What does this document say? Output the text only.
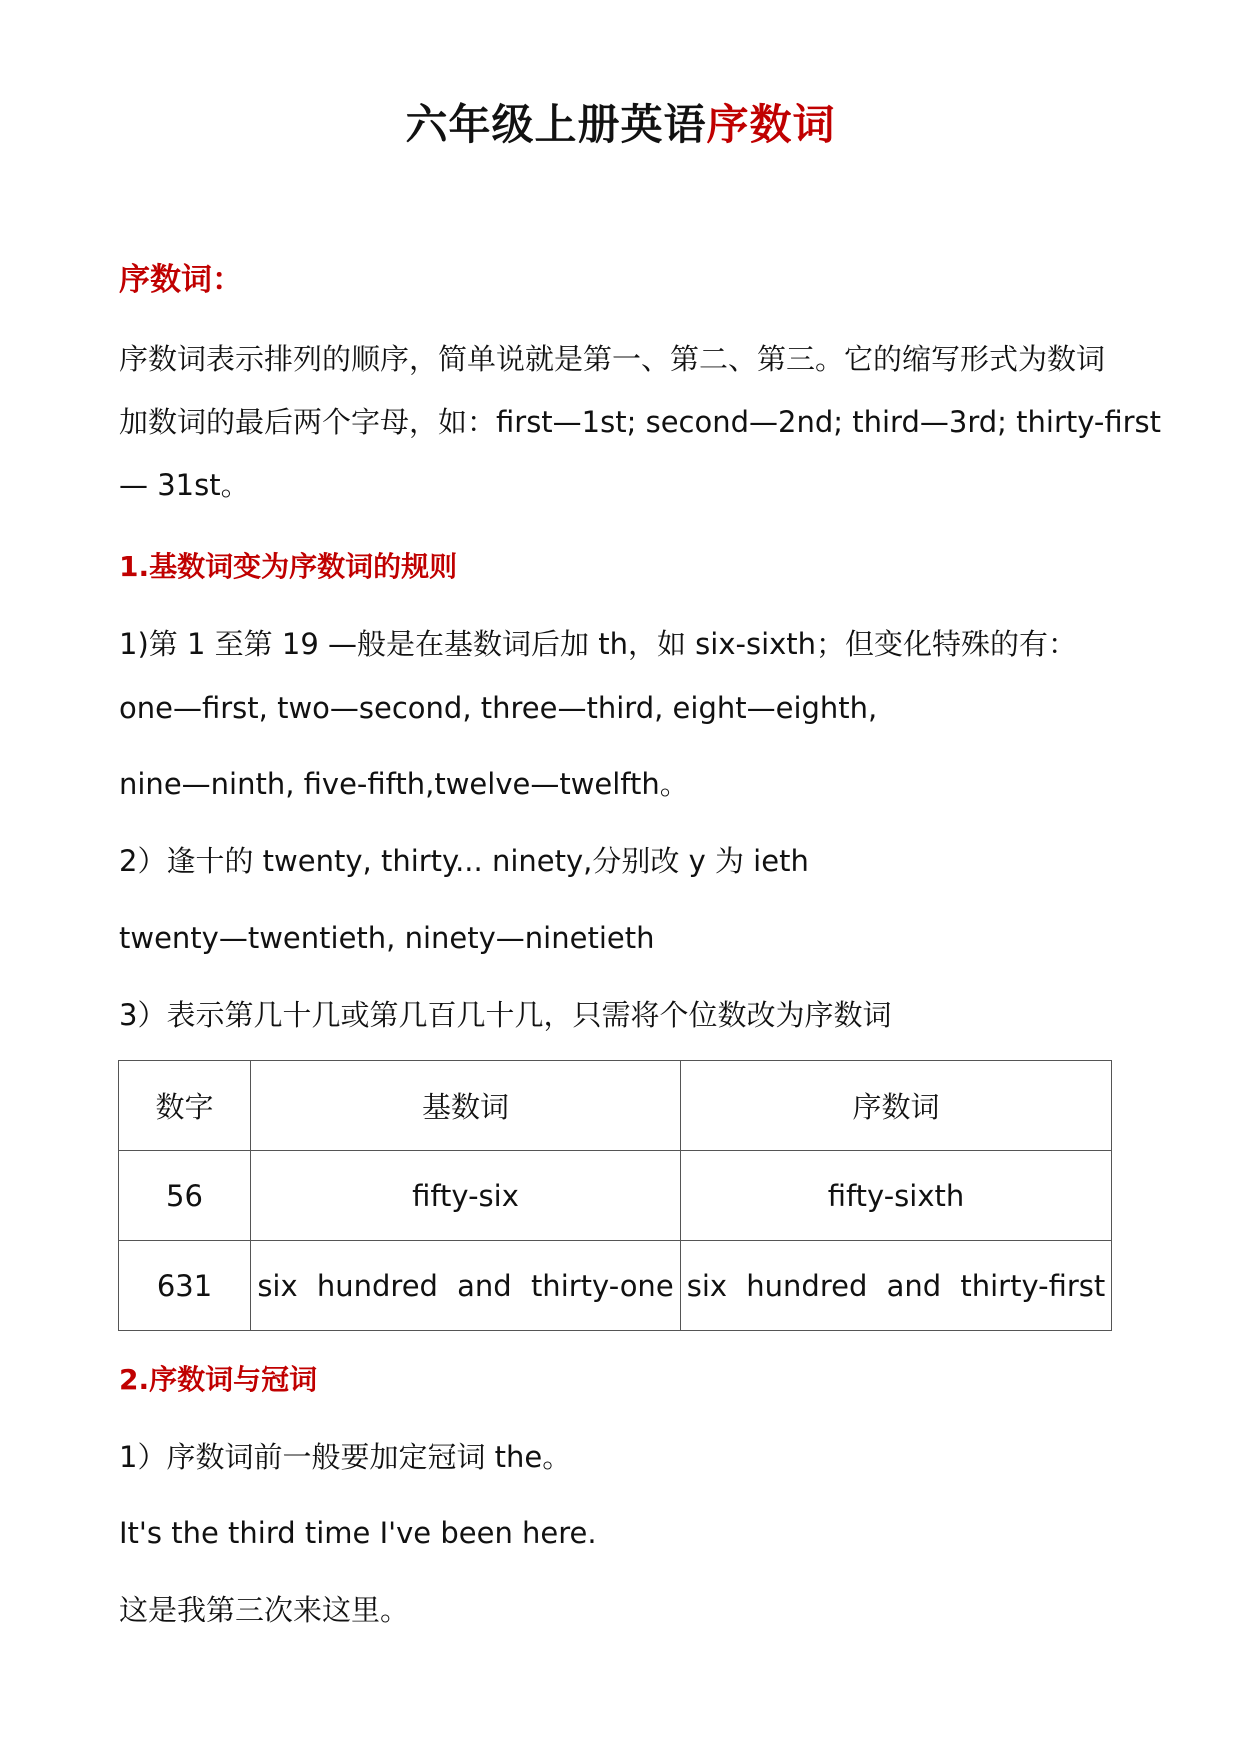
六年级上册英语序数词
序数词：
序数词表示排列的顺序，简单说就是第一、第二、第三。它的缩写形式为数词
加数词的最后两个字母，如：first—1st; second—2nd; third—3rd; thirty-first
— 31st。
1.基数词变为序数词的规则
1)第 1 至第 19 —般是在基数词后加 th，如 six-sixth；但变化特殊的有：
one—first, two—second, three—third, eight—eighth,
nine—ninth, five-fifth,twelve—twelfth。
2）逢十的 twenty, thirty... ninety,分别改 y 为 ieth
twenty—twentieth, ninety—ninetieth
3）表示第几十几或第几百几十几，只需将个位数改为序数词
数字	基数词	序数词
56	fifty-six	fifty-sixth
631	six hundred and thirty-one	six hundred and thirty-first
2.序数词与冠词
1）序数词前一般要加定冠词 the。
It's the third time I've been here.
这是我第三次来这里。
